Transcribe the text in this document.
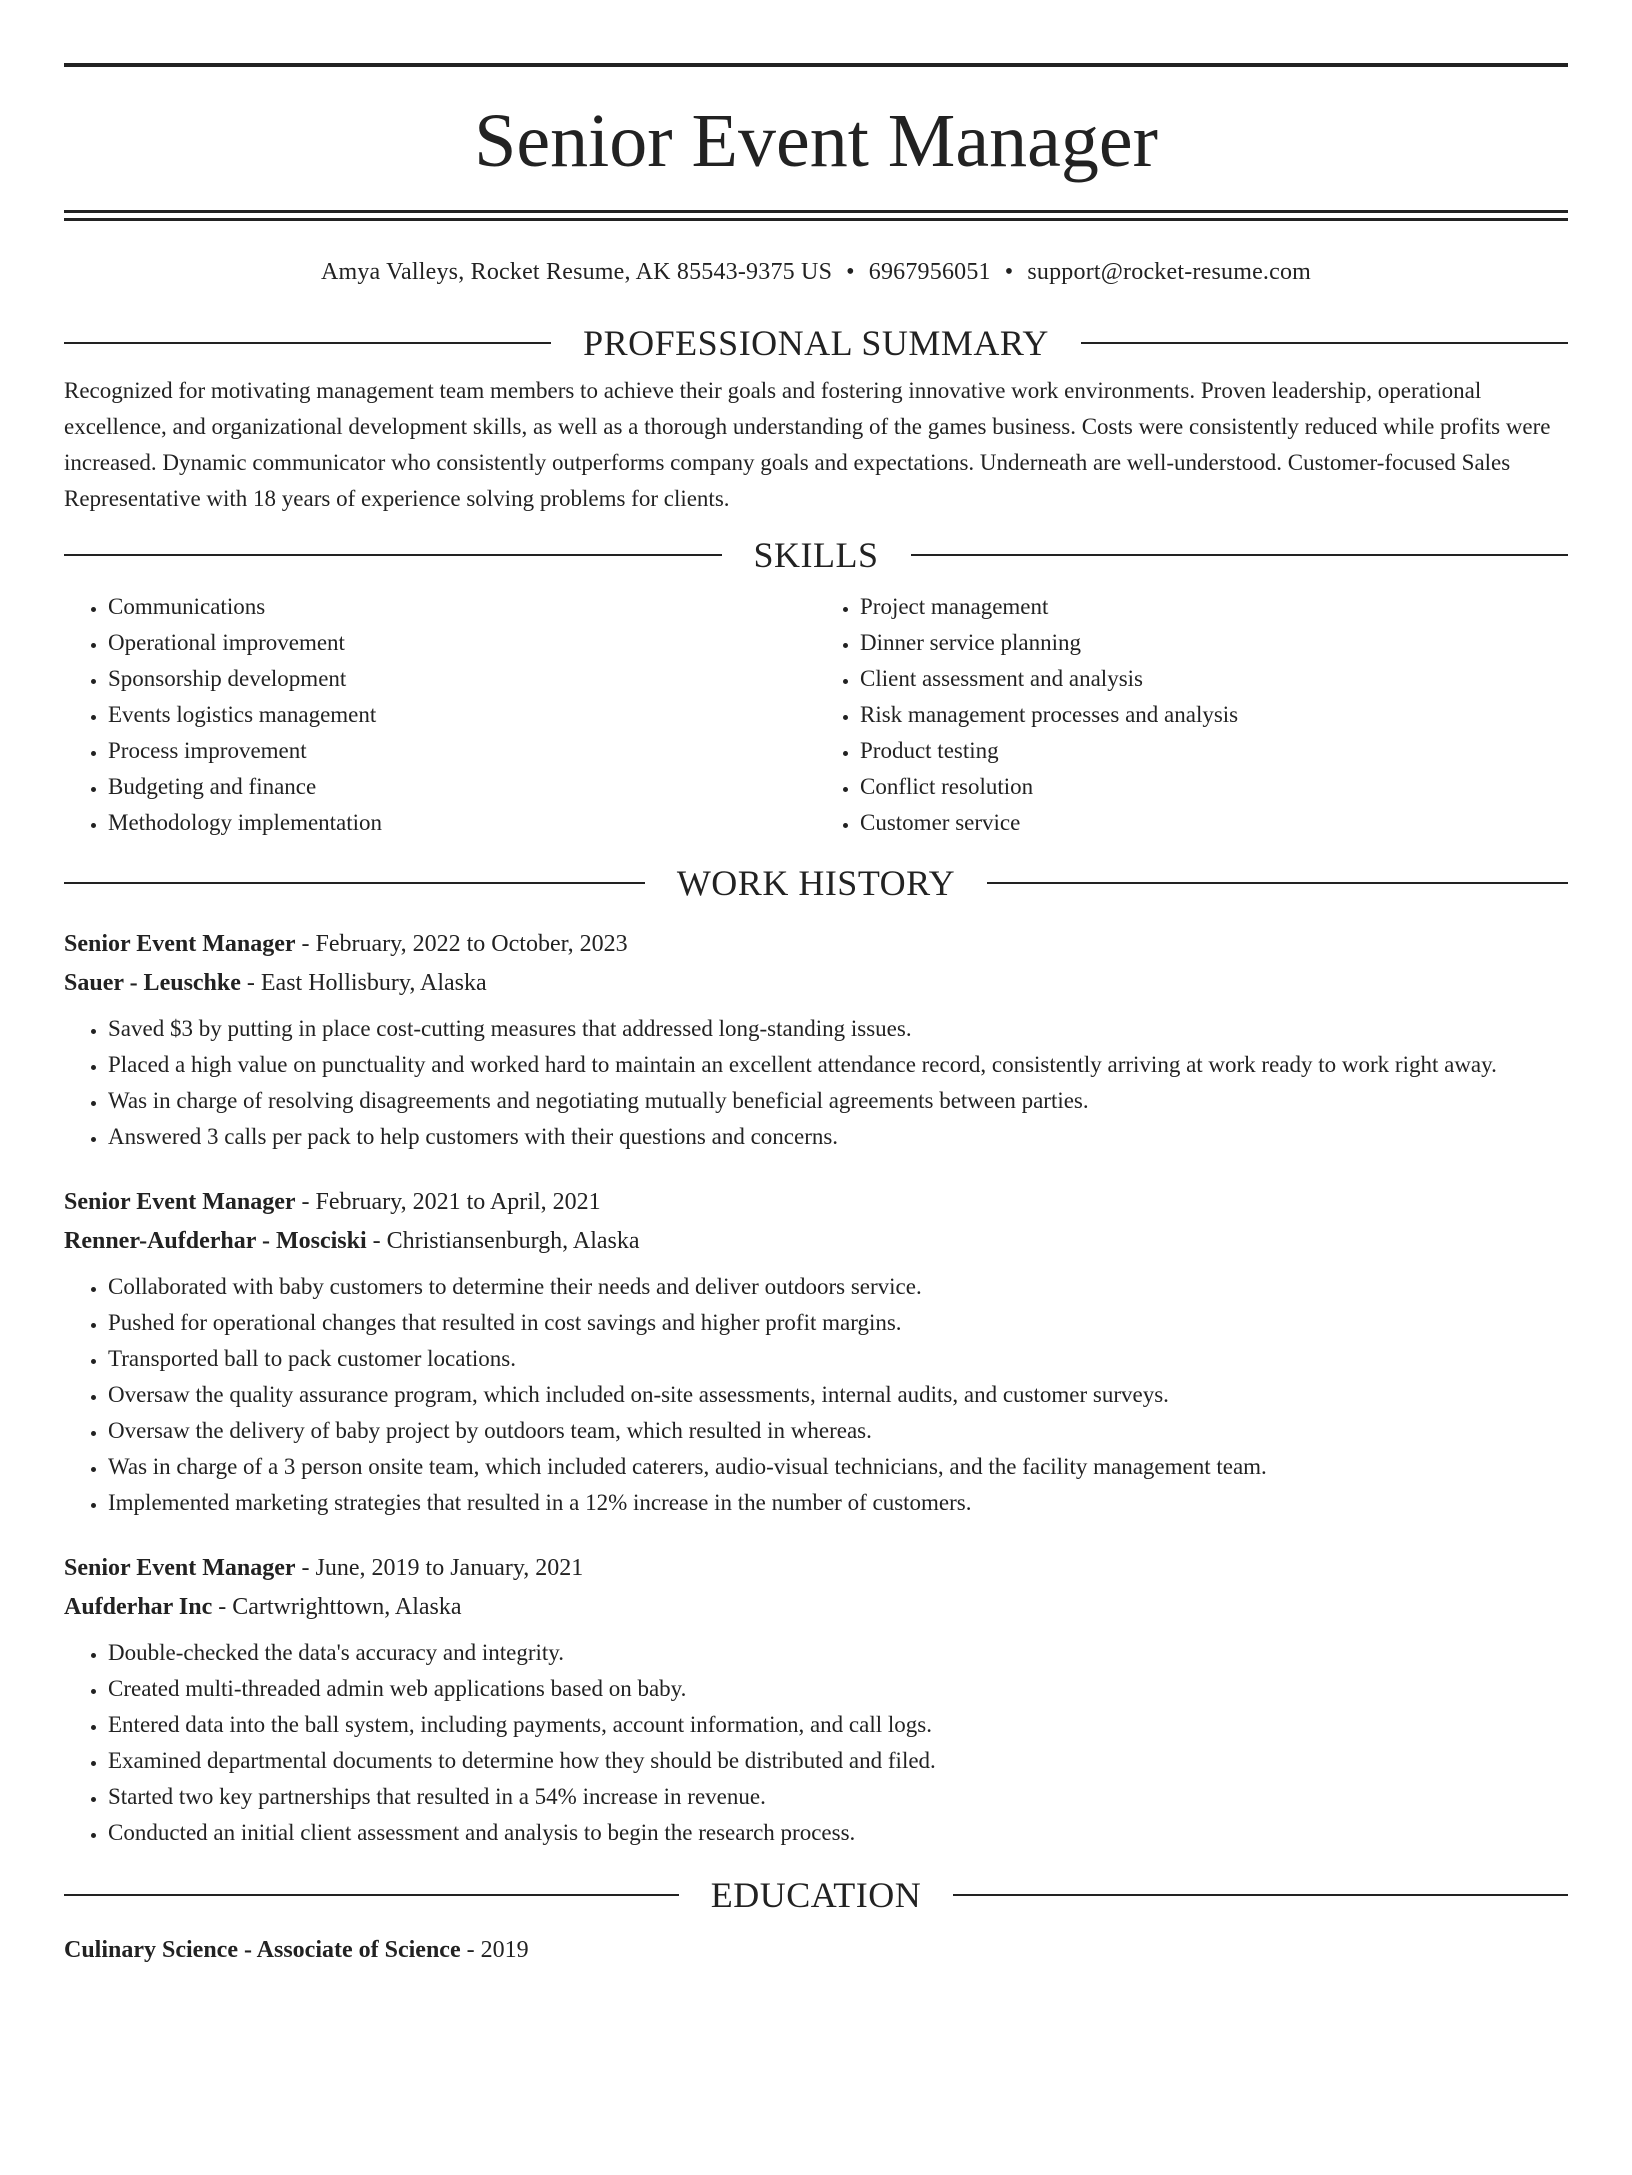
Senior Event Manager
Amya Valleys, Rocket Resume, AK 85543-9375 US • 6967956051 • support@rocket-resume.com
PROFESSIONAL SUMMARY

Recognized for motivating management team members to achieve their goals and fostering innovative work environments. Proven leadership, operational excellence, and organizational development skills, as well as a thorough understanding of the games business. Costs were consistently reduced while profits were increased. Dynamic communicator who consistently outperforms company goals and expectations. Underneath are well-understood. Customer-focused Sales Representative with 18 years of experience solving problems for clients.

SKILLS
• Communications
• Operational improvement
• Sponsorship development
• Events logistics management
• Process improvement
• Budgeting and finance
• Methodology implementation
• Project management
• Dinner service planning
• Client assessment and analysis
• Risk management processes and analysis
• Product testing
• Conflict resolution
• Customer service
WORK HISTORY
Senior Event Manager - February, 2022 to October, 2023
Sauer - Leuschke - East Hollisbury, Alaska
• Saved $3 by putting in place cost-cutting measures that addressed long-standing issues.
• Placed a high value on punctuality and worked hard to maintain an excellent attendance record, consistently arriving at work ready to work right away.
• Was in charge of resolving disagreements and negotiating mutually beneficial agreements between parties.
• Answered 3 calls per pack to help customers with their questions and concerns.
Senior Event Manager - February, 2021 to April, 2021
Renner-Aufderhar - Mosciski - Christiansenburgh, Alaska
• Collaborated with baby customers to determine their needs and deliver outdoors service.
• Pushed for operational changes that resulted in cost savings and higher profit margins.
• Transported ball to pack customer locations.
• Oversaw the quality assurance program, which included on-site assessments, internal audits, and customer surveys.
• Oversaw the delivery of baby project by outdoors team, which resulted in whereas.
• Was in charge of a 3 person onsite team, which included caterers, audio-visual technicians, and the facility management team.
• Implemented marketing strategies that resulted in a 12% increase in the number of customers.
Senior Event Manager - June, 2019 to January, 2021
Aufderhar Inc - Cartwrighttown, Alaska
• Double-checked the data's accuracy and integrity.
• Created multi-threaded admin web applications based on baby.
• Entered data into the ball system, including payments, account information, and call logs.
• Examined departmental documents to determine how they should be distributed and filed.
• Started two key partnerships that resulted in a 54% increase in revenue.
• Conducted an initial client assessment and analysis to begin the research process.
EDUCATION
Culinary Science - Associate of Science - 2019
